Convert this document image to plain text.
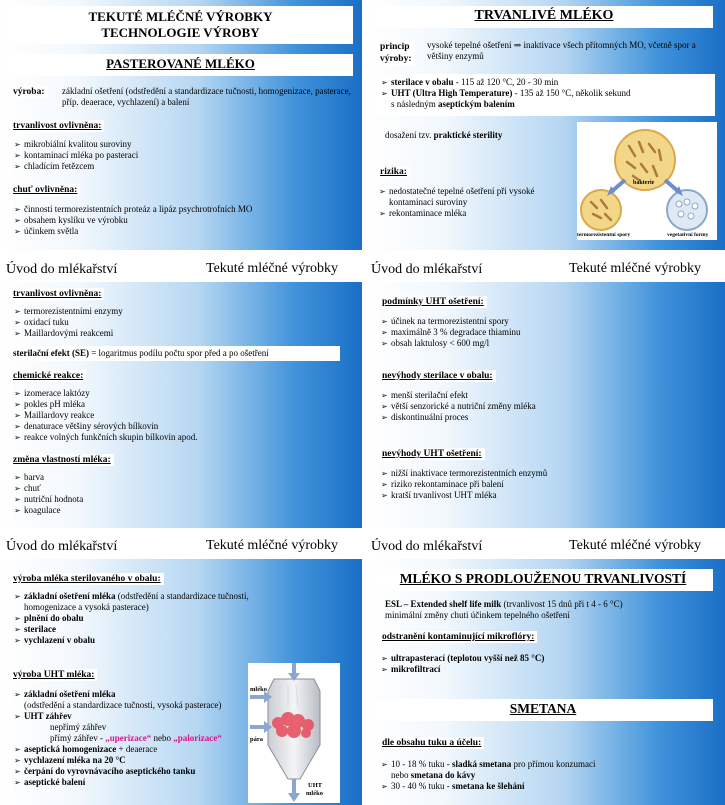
TEKUTÉ MLÉČNÉ VÝROBKY
TECHNOLOGIE VÝROBY
PASTEROVANÉ MLÉKO
výroba:	základní ošetření (odstředění a standardizace tučnosti, homogenizace, pasterace, příp. deaerace, vychlazení) a balení
trvanlivost ovlivněna:
➢ mikrobiální kvalitou suroviny
➢ kontaminací mléka po pasteraci
➢ chladícím řetězcem
chuť ovlivněna:
➢ činností termorezistentních proteáz a lipáz psychrotrofních MO
➢ obsahem kyslíku ve výrobku
➢ účinkem světla
TRVANLIVÉ MLÉKO
princip
výroby:
vysoké tepelné ošetření ⇒ inaktivace všech přítomných MO, včetně spor a většiny enzymů
➢ sterilace v obalu - 115 až 120 °C, 20 - 30 min
➢ UHT (Ultra High Temperature) - 135 až 150 °C, několik sekund
s následným aseptickým balením
dosažení tzv. praktické sterility
rizika:
➢ nedostatečné tepelné ošetření při vysoké kontaminaci suroviny
➢ rekontaminace mléka
bakterie
termorezistentní spory	vegetativní formy
Úvod do mlékařství	Tekuté mléčné výrobky
trvanlivost ovlivněna:
➢ termorezistentními enzymy
➢ oxidací tuku
➢ Maillardovými reakcemi
sterilační efekt (SE) = logaritmus podílu počtu spor před a po ošetření
chemické reakce:
➢ izomerace laktózy
➢ pokles pH mléka
➢ Maillardovy reakce
➢ denaturace většiny sérových bílkovin
➢ reakce volných funkčních skupin bílkovin apod.
změna vlastností mléka:
➢ barva
➢ chuť
➢ nutriční hodnota
➢ koagulace
Úvod do mlékařství	Tekuté mléčné výrobky
podmínky UHT ošetření:
➢ účinek na termorezistentní spory
➢ maximálně 3 % degradace thiaminu
➢ obsah laktulosy < 600 mg/l
nevýhody sterilace v obalu:
➢ menší sterilační efekt
➢ větší senzorické a nutriční změny mléka
➢ diskontinuální proces
nevýhody UHT ošetření:
➢ nižší inaktivace termorezistentních enzymů
➢ riziko rekontaminace při balení
➢ kratší trvanlivost UHT mléka
Úvod do mlékařství	Tekuté mléčné výrobky
výroba mléka sterilovaného v obalu:
➢ základní ošetření mléka (odstředění a standardizace tučnosti,
homogenizace a vysoká pasterace)
➢ plnění do obalu
➢ sterilace
➢ vychlazení v obalu
výroba UHT mléka:
➢ základní ošetření mléka
(odstředění a standardizace tučnosti, vysoká pasterace)
➢ UHT záhřev
nepřímý záhřev
přímý záhřev - „uperizace“ nebo „palorizace“
➢ aseptická homogenizace + deaerace
➢ vychlazení mléka na 20 °C
➢ čerpání do vyrovnávacího aseptického tanku
➢ aseptické balení
mléko
pára
UHT
mléko
Úvod do mlékařství	Tekuté mléčné výrobky
MLÉKO S PRODLOUŽENOU TRVANLIVOSTÍ
ESL – Extended shelf life milk (trvanlivost 15 dnů při t 4 - 6 °C)
minimální změny chuti účinkem tepelného ošetření
odstranění kontaminující mikroflóry:
➢ ultrapasterací (teplotou vyšší než 85 °C)
➢ mikrofiltrací
SMETANA
dle obsahu tuku a účelu:
➢ 10 - 18 % tuku - sladká smetana pro přímou konzumaci
nebo smetana do kávy
➢ 30 - 40 % tuku - smetana ke šlehání
